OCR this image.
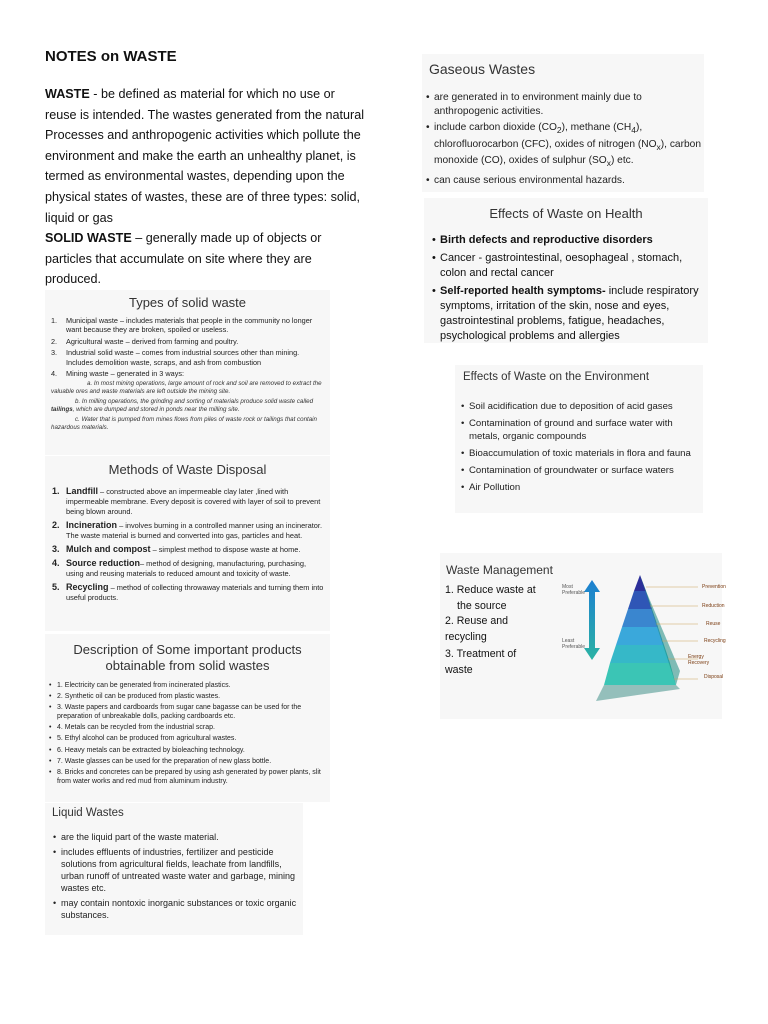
NOTES on WASTE

WASTE - be defined as material for which no use or reuse is intended. The wastes generated from the natural Processes and anthropogenic activities which pollute the environment and make the earth an unhealthy planet, is termed as environmental wastes, depending upon the physical states of wastes, these are of three types: solid, liquid or gas

SOLID WASTE – generally made up of objects or particles that accumulate on site where they are produced.

Types of solid waste
1. Municipal waste – includes materials that people in the community no longer want because they are broken, spoiled or useless.
2. Agricultural waste – derived from farming and poultry.
3. Industrial solid waste – comes from industrial sources other than mining. Includes demolition waste, scraps, and ash from combustion
4. Mining waste – generated in 3 ways:
a. In most mining operations, large amount of rock and soil are removed to extract the valuable ores and waste materials are left outside the mining site.
b. In milling operations, the grinding and sorting of materials produce solid waste called tailings, which are dumped and stored in ponds near the milling site.
c. Water that is pumped from mines flows from piles of waste rock or tailings that contain hazardous materials.
Methods of Waste Disposal
1. Landfill – constructed above an impermeable clay later ,lined with impermeable membrane. Every deposit is covered with layer of soil to prevent being blown around.
2. Incineration – involves burning in a controlled manner using an incinerator. The waste material is burned and converted into gas, particles and heat.
3. Mulch and compost – simplest method to dispose waste at home.
4. Source reduction– method of designing, manufacturing, purchasing, using and reusing materials to reduced amount and toxicity of waste.
5. Recycling – method of collecting throwaway materials and turning them into useful products.
Description of Some important products
obtainable from solid wastes
• 1. Electricity can be generated from incinerated plastics.
• 2. Synthetic oil can be produced from plastic wastes.
• 3. Waste papers and cardboards from sugar cane bagasse can be used for the preparation of unbreakable dolls, packing cardboards etc.
• 4. Metals can be recycled from the industrial scrap.
• 5. Ethyl alcohol can be produced from agricultural wastes.
• 6. Heavy metals can be extracted by bioleaching technology.
• 7. Waste glasses can be used for the preparation of new glass bottle.
• 8. Bricks and concretes can be prepared by using ash generated by power plants, slit from water works and red mud from aluminum industry.
Liquid Wastes
• are the liquid part of the waste material.
• includes effluents of industries, fertilizer and pesticide solutions from agricultural fields, leachate from landfills, urban runoff of untreated waste water and garbage, mining wastes etc.
• may contain nontoxic inorganic substances or toxic organic substances.
Gaseous Wastes
• are generated in to environment mainly due to anthropogenic activities.
• include carbon dioxide $(CO_2)$, methane $(CH_4)$, chlorofluorocarbon (CFC), oxides of nitrogen $(NO_x)$, carbon monoxide (CO), oxides of sulphur $(SO_x)$ etc.
• can cause serious environmental hazards.
Effects of Waste on Health
• Birth defects and reproductive disorders
• Cancer - gastrointestinal, oesophageal , stomach, colon and rectal cancer
• Self-reported health symptoms- include respiratory symptoms, irritation of the skin, nose and eyes, gastrointestinal problems, fatigue, headaches, psychological problems and allergies
Effects of Waste on the Environment
• Soil acidification due to deposition of acid gases
• Contamination of ground and surface water with metals, organic compounds
• Bioaccumulation of toxic materials in flora and fauna
• Contamination of groundwater or surface waters
• Air Pollution
Waste Management
1. Reduce waste at
the source
2. Reuse and
recycling
3. Treatment of
waste
Most Preferable
Least Preferable
Prevention
Reduction
Reuse
Recycling
Energy Recovery
Disposal
